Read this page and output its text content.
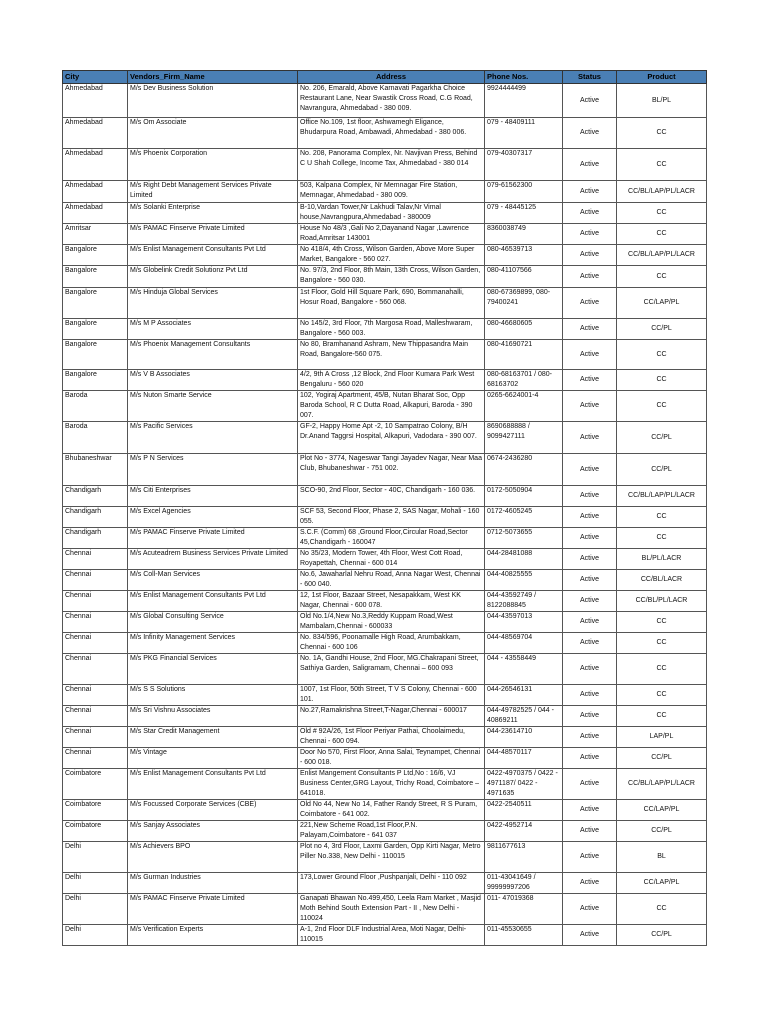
City	Vendors_Firm_Name	Address	Phone Nos.	Status	Product
Ahmedabad	M/s Dev Business Solution	No. 206, Emarald, Above Karnavati Pagarkha Choice Restaurant Lane, Near Swastik Cross Road, C.G Road, Navrangura, Ahmedabad - 380 009.	9924444499	Active	BL/PL
Ahmedabad	M/s Om Associate	Office No.109, 1st floor, Ashwamegh Eligance, Bhudarpura Road, Ambawadi, Ahmedabad - 380 006.	079 - 48409111	Active	CC
Ahmedabad	M/s Phoenix Corporation	No. 208, Panorama Complex, Nr. Navjivan Press, Behind C U Shah College, Income Tax, Ahmedabad - 380 014	079-40307317	Active	CC
Ahmedabad	M/s Right Debt Management Services Private Limited	503, Kalpana Complex, Nr Memnagar Fire Station, Memnagar, Ahmedabad - 380 009.	079-61562300	Active	CC/BL/LAP/PL/LACR
Ahmedabad	M/s Solanki Enterprise	B-10,Vardan Tower,Nr Lakhudi Talav,Nr Vimal house,Navrangpura,Ahmedabad - 380009	079 - 48445125	Active	CC
Amritsar	M/s PAMAC Finserve Private Limited	House No 48/3 ,Gali No 2,Dayanand Nagar ,Lawrence Road,Amritsar 143001	8360038749	Active	CC
Bangalore	M/s Enlist Management Consultants Pvt Ltd	No 418/4, 4th Cross, Wilson Garden, Above More Super Market, Bangalore - 560 027.	080-46539713	Active	CC/BL/LAP/PL/LACR
Bangalore	M/s Globelink Credit Solutionz Pvt Ltd	No. 97/3, 2nd Floor, 8th Main, 13th Cross, Wilson Garden, Bangalore - 560 030.	080-41107566	Active	CC
Bangalore	M/s Hinduja Global Services	1st Floor, Gold Hill Square Park, 690, Bommanahalli, Hosur Road, Bangalore - 560 068.	080-67369899, 080-79400241	Active	CC/LAP/PL
Bangalore	M/s M P Associates	No 145/2, 3rd Floor, 7th Margosa Road, Malleshwaram, Bangalore - 560 003.	080-46680605	Active	CC/PL
Bangalore	M/s Phoenix Management Consultants	No 80, Bramhanand Ashram, New Thippasandra Main Road, Bangalore-560 075.	080-41690721	Active	CC
Bangalore	M/s V B Associates	4/2, 9th A Cross ,12 Block, 2nd Floor Kumara Park West Bengaluru - 560 020	080-68163701 / 080-68163702	Active	CC
Baroda	M/s Nuton Smarte Service	102, Yogiraj Apartment, 45/B, Nutan Bharat Soc, Opp Baroda School, R C Dutta Road, Alkapuri, Baroda - 390 007.	0265-6624001-4	Active	CC
Baroda	M/s Pacific Services	GF-2, Happy Home Apt -2, 10 Sampatrao Colony, B/H Dr.Anand Taggrsi Hospital, Alkapuri, Vadodara - 390 007.	8690688888 / 9099427111	Active	CC/PL
Bhubaneshwar	M/s P N Services	Plot No - 3774, Nageswar Tangi Jayadev Nagar, Near Maa Club, Bhubaneshwar - 751 002.	0674-2436280	Active	CC/PL
Chandigarh	M/s Citi Enterprises	SCO-90, 2nd Floor, Sector - 40C, Chandigarh - 160 036.	0172-5050904	Active	CC/BL/LAP/PL/LACR
Chandigarh	M/s Excel Agencies	SCF 53, Second Floor, Phase 2, SAS Nagar, Mohali - 160 055.	0172-4605245	Active	CC
Chandigarh	M/s PAMAC Finserve Private Limited	S.C.F. (Comm) 68 ,Ground Floor,Circular Road,Sector 45,Chandigarh - 160047	0712-5073655	Active	CC
Chennai	M/s Acuteadrem Business Services Private Limited	No 35/23, Modern Tower, 4th Floor, West Cott Road, Royapettah, Chennai - 600 014	044-28481088	Active	BL/PL/LACR
Chennai	M/s Coll-Man Services	No.6, Jawaharlal Nehru Road, Anna Nagar West, Chennai - 600 040.	044-40825555	Active	CC/BL/LACR
Chennai	M/s Enlist Management Consultants Pvt Ltd	12, 1st Floor, Bazaar Street, Nesapakkam, West KK Nagar, Chennai - 600 078.	044-43592749 / 8122088845	Active	CC/BL/PL/LACR
Chennai	M/s Global Consulting Service	Old No.1/4,New No.3,Reddy Kuppam Road,West Mambalam,Chennai - 600033	044-43597013	Active	CC
Chennai	M/s Infinity Management Services	No. 834/596, Poonamalle High Road, Arumbakkam, Chennai - 600 106	044-48569704	Active	CC
Chennai	M/s PKG Financial Services	No. 1A, Gandhi House, 2nd Floor, MG.Chakrapani Street, Sathiya Garden, Saligramam, Chennai – 600 093	044 - 43558449	Active	CC
Chennai	M/s S S Solutions	1007, 1st Floor, 50th Street, T V S Colony, Chennai - 600 101.	044-26546131	Active	CC
Chennai	M/s Sri Vishnu Associates	No.27,Ramakrishna Street,T-Nagar,Chennai - 600017	044-49782525 / 044 - 40869211	Active	CC
Chennai	M/s Star Credit Management	Old # 92A/26, 1st Floor Periyar Pathai, Choolaimedu, Chennai - 600 094.	044-23614710	Active	LAP/PL
Chennai	M/s Vintage	Door No 570, First Floor, Anna Salai, Teynampet, Chennai - 600 018.	044-48570117	Active	CC/PL
Coimbatore	M/s Enlist Management Consultants Pvt Ltd	Enlist Mangement Consultants P Ltd,No : 16/6, VJ Business Center,GRG Layout, Trichy Road, Coimbatore – 641018.	0422-4970375 / 0422 - 4971187/ 0422 - 4971635	Active	CC/BL/LAP/PL/LACR
Coimbatore	M/s Focussed Corporate Services (CBE)	Old No 44, New No 14, Father Randy Street, R S Puram, Coimbatore - 641 002.	0422-2540511	Active	CC/LAP/PL
Coimbatore	M/s Sanjay Associates	221,New Scheme Road,1st Floor,P.N. Palayam,Coimbatore - 641 037	0422-4952714	Active	CC/PL
Delhi	M/s Achievers BPO	Plot no 4, 3rd Floor, Laxmi Garden, Opp Kirti Nagar, Metro Piller No.338, New Delhi - 110015	9811677613	Active	BL
Delhi	M/s Gurman Industries	173,Lower Ground Floor ,Pushpanjali, Delhi - 110 092	011-43041649 / 99999997206	Active	CC/LAP/PL
Delhi	M/s PAMAC Finserve Private Limited	Ganapati Bhawan No.499,450, Leela Ram Market , Masjid Moth Behind South Extension Part - II , New Delhi - 110024	011- 47019368	Active	CC
Delhi	M/s Verification Experts	A-1, 2nd Floor DLF Industrial Area, Moti Nagar, Delhi-110015	011-45530655	Active	CC/PL
